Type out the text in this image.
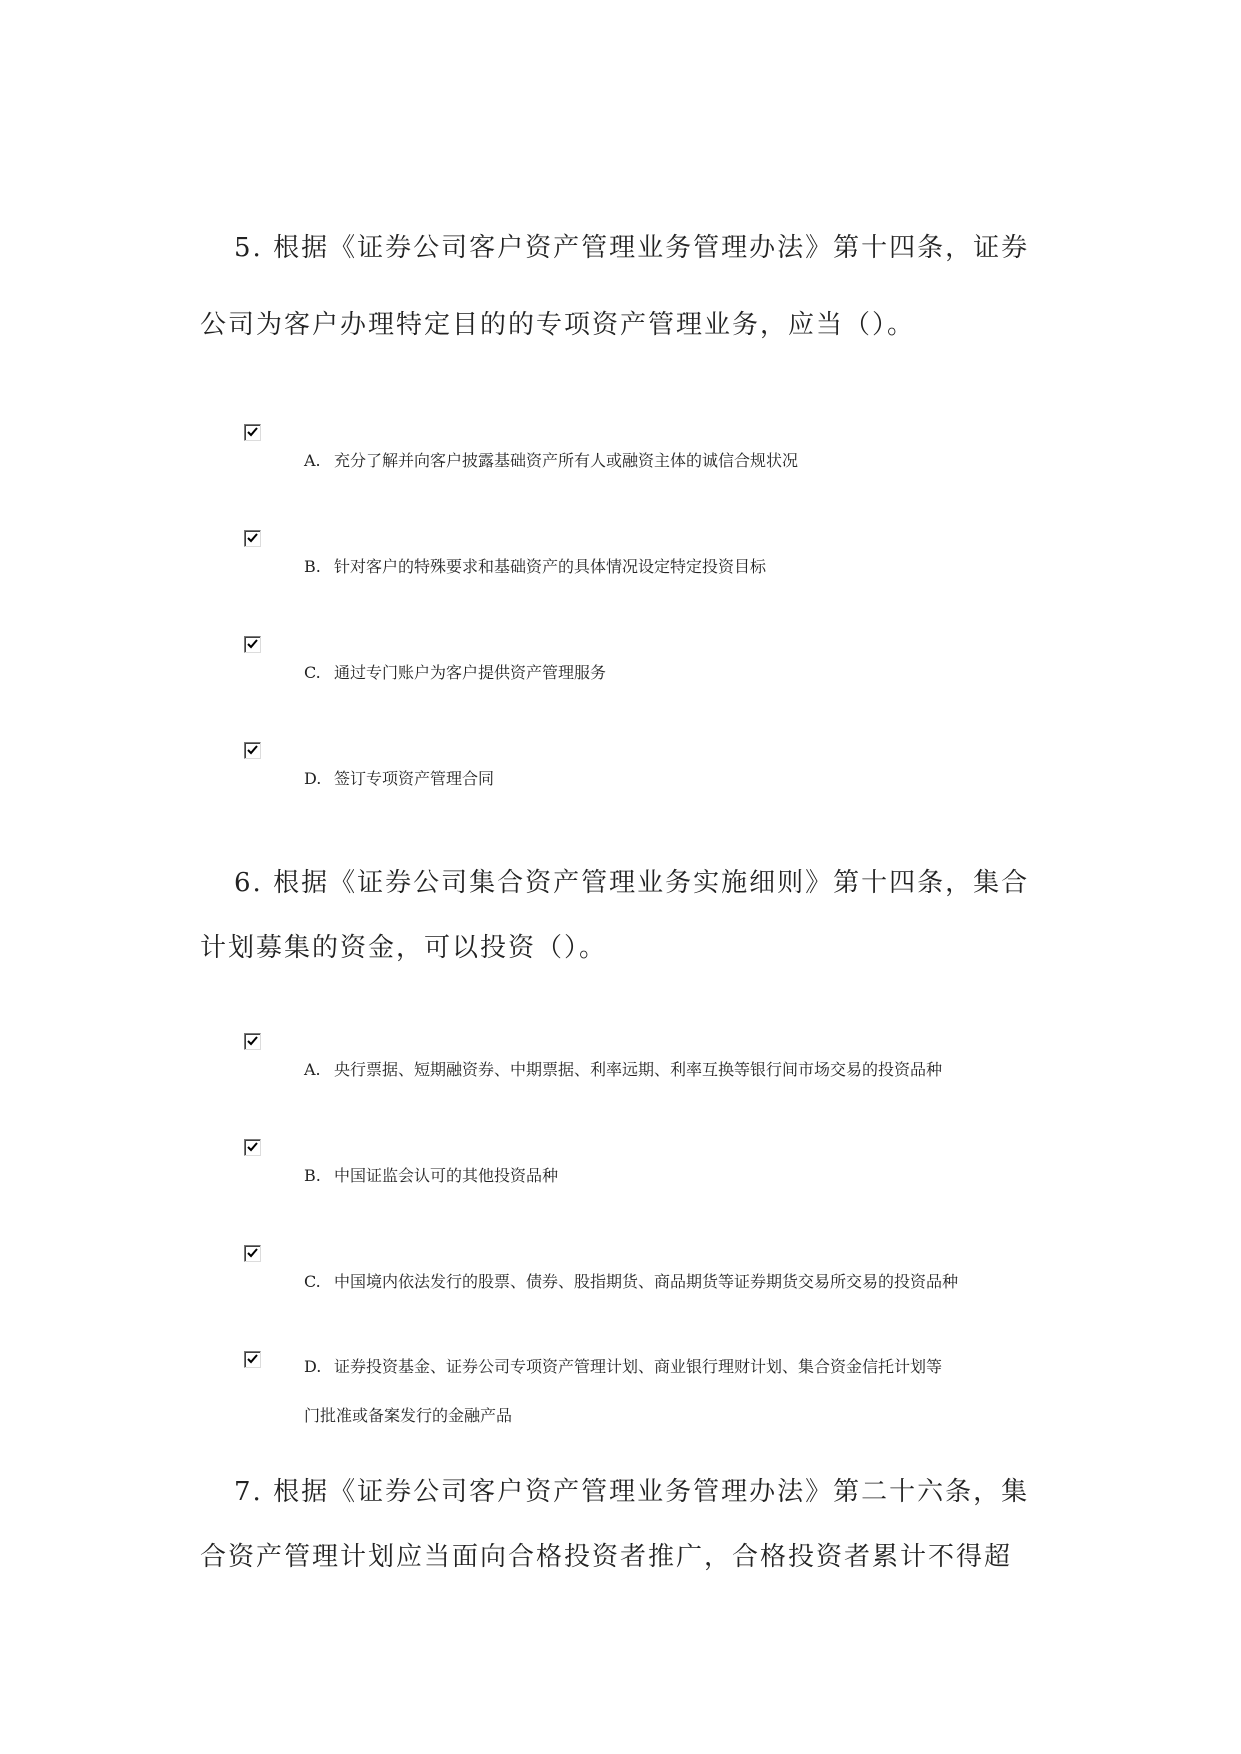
5. 根据《证券公司客户资产管理业务管理办法》第十四条，证券
公司为客户办理特定目的的专项资产管理业务，应当（）。
A. 充分了解并向客户披露基础资产所有人或融资主体的诚信合规状况
B. 针对客户的特殊要求和基础资产的具体情况设定特定投资目标
C. 通过专门账户为客户提供资产管理服务
D. 签订专项资产管理合同
6. 根据《证券公司集合资产管理业务实施细则》第十四条，集合
计划募集的资金，可以投资（）。
A. 央行票据、短期融资券、中期票据、利率远期、利率互换等银行间市场交易的投资品种
B. 中国证监会认可的其他投资品种
C. 中国境内依法发行的股票、债券、股指期货、商品期货等证券期货交易所交易的投资品种
D. 证券投资基金、证券公司专项资产管理计划、商业银行理财计划、集合资金信托计划等
门批准或备案发行的金融产品
7. 根据《证券公司客户资产管理业务管理办法》第二十六条，集
合资产管理计划应当面向合格投资者推广，合格投资者累计不得超
